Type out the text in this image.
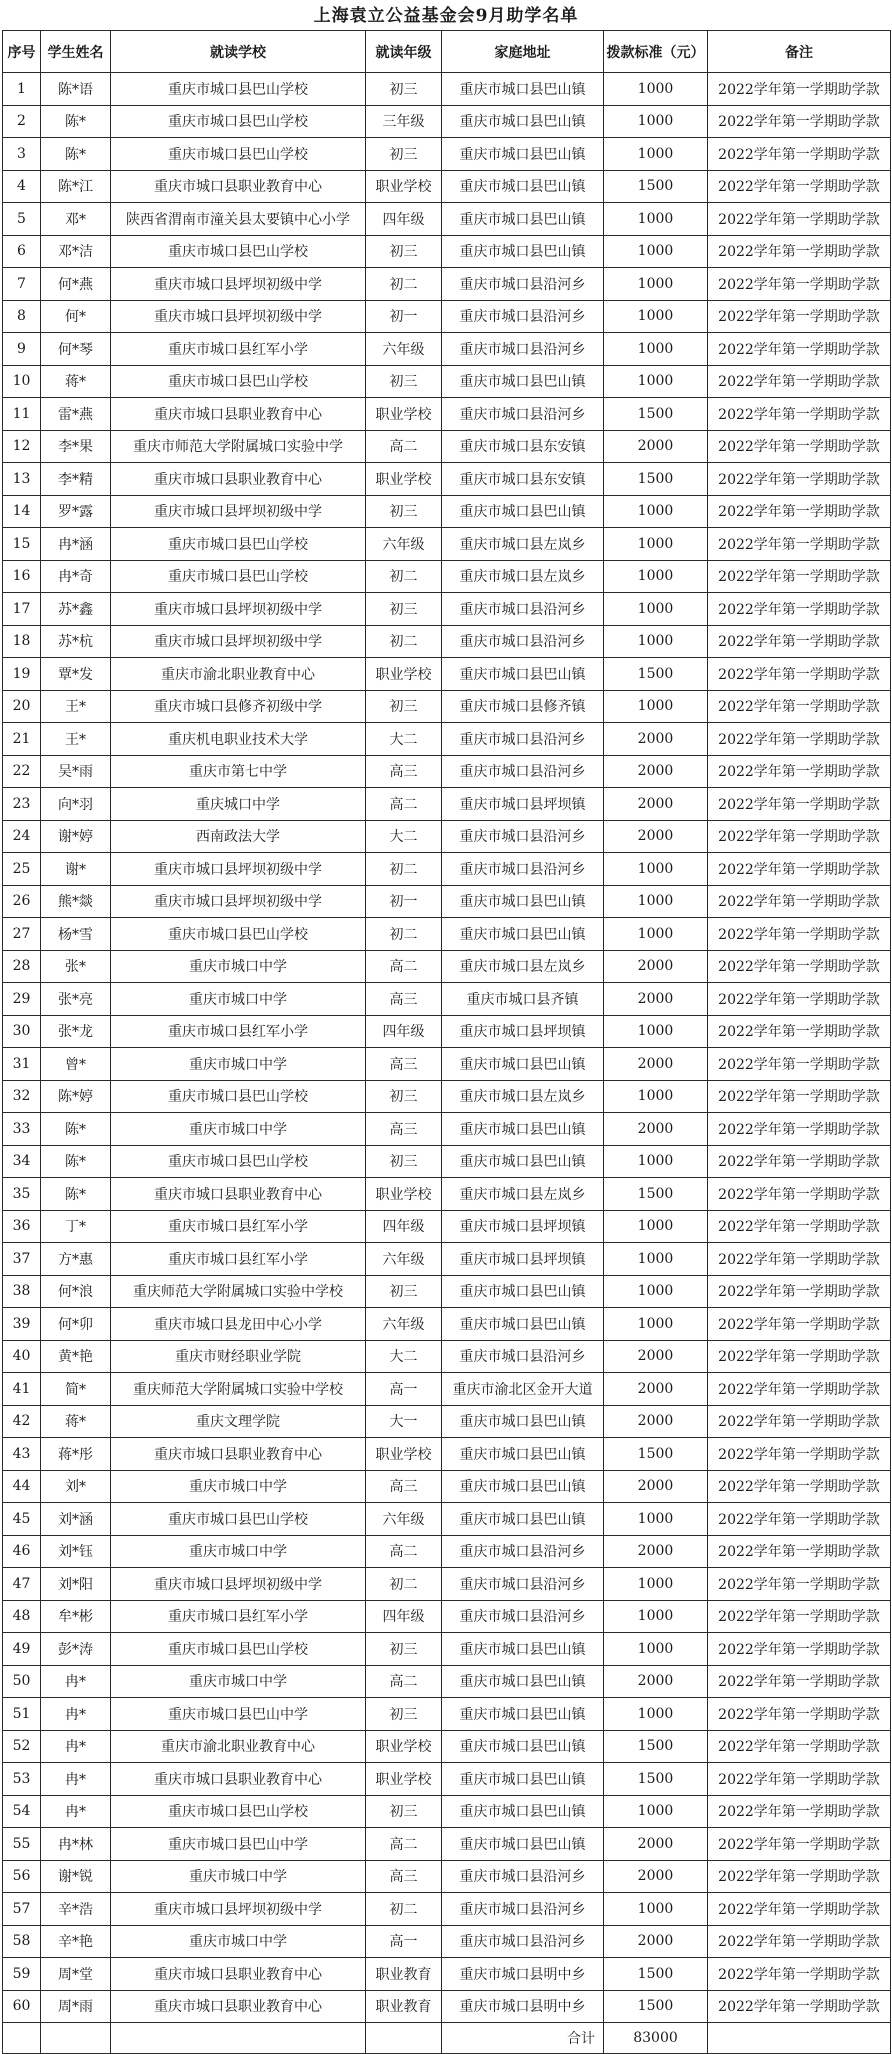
上海袁立公益基金会9月助学名单
序号	学生姓名	就读学校	就读年级	家庭地址	拨款标准（元）	备注
1	陈*语	重庆市城口县巴山学校	初三	重庆市城口县巴山镇	1000	2022学年第一学期助学款
2	陈*	重庆市城口县巴山学校	三年级	重庆市城口县巴山镇	1000	2022学年第一学期助学款
3	陈*	重庆市城口县巴山学校	初三	重庆市城口县巴山镇	1000	2022学年第一学期助学款
4	陈*江	重庆市城口县职业教育中心	职业学校	重庆市城口县巴山镇	1500	2022学年第一学期助学款
5	邓*	陕西省渭南市潼关县太要镇中心小学	四年级	重庆市城口县巴山镇	1000	2022学年第一学期助学款
6	邓*洁	重庆市城口县巴山学校	初三	重庆市城口县巴山镇	1000	2022学年第一学期助学款
7	何*燕	重庆市城口县坪坝初级中学	初二	重庆市城口县沿河乡	1000	2022学年第一学期助学款
8	何*	重庆市城口县坪坝初级中学	初一	重庆市城口县沿河乡	1000	2022学年第一学期助学款
9	何*琴	重庆市城口县红军小学	六年级	重庆市城口县沿河乡	1000	2022学年第一学期助学款
10	蒋*	重庆市城口县巴山学校	初三	重庆市城口县巴山镇	1000	2022学年第一学期助学款
11	雷*燕	重庆市城口县职业教育中心	职业学校	重庆市城口县沿河乡	1500	2022学年第一学期助学款
12	李*果	重庆市师范大学附属城口实验中学	高二	重庆市城口县东安镇	2000	2022学年第一学期助学款
13	李*精	重庆市城口县职业教育中心	职业学校	重庆市城口县东安镇	1500	2022学年第一学期助学款
14	罗*露	重庆市城口县坪坝初级中学	初三	重庆市城口县巴山镇	1000	2022学年第一学期助学款
15	冉*涵	重庆市城口县巴山学校	六年级	重庆市城口县左岚乡	1000	2022学年第一学期助学款
16	冉*奇	重庆市城口县巴山学校	初二	重庆市城口县左岚乡	1000	2022学年第一学期助学款
17	苏*鑫	重庆市城口县坪坝初级中学	初三	重庆市城口县沿河乡	1000	2022学年第一学期助学款
18	苏*杭	重庆市城口县坪坝初级中学	初二	重庆市城口县沿河乡	1000	2022学年第一学期助学款
19	覃*发	重庆市渝北职业教育中心	职业学校	重庆市城口县巴山镇	1500	2022学年第一学期助学款
20	王*	重庆市城口县修齐初级中学	初三	重庆市城口县修齐镇	1000	2022学年第一学期助学款
21	王*	重庆机电职业技术大学	大二	重庆市城口县沿河乡	2000	2022学年第一学期助学款
22	吴*雨	重庆市第七中学	高三	重庆市城口县沿河乡	2000	2022学年第一学期助学款
23	向*羽	重庆城口中学	高二	重庆市城口县坪坝镇	2000	2022学年第一学期助学款
24	谢*婷	西南政法大学	大二	重庆市城口县沿河乡	2000	2022学年第一学期助学款
25	谢*	重庆市城口县坪坝初级中学	初二	重庆市城口县沿河乡	1000	2022学年第一学期助学款
26	熊*燚	重庆市城口县坪坝初级中学	初一	重庆市城口县巴山镇	1000	2022学年第一学期助学款
27	杨*雪	重庆市城口县巴山学校	初二	重庆市城口县巴山镇	1000	2022学年第一学期助学款
28	张*	重庆市城口中学	高二	重庆市城口县左岚乡	2000	2022学年第一学期助学款
29	张*亮	重庆市城口中学	高三	重庆市城口县齐镇	2000	2022学年第一学期助学款
30	张*龙	重庆市城口县红军小学	四年级	重庆市城口县坪坝镇	1000	2022学年第一学期助学款
31	曾*	重庆市城口中学	高三	重庆市城口县巴山镇	2000	2022学年第一学期助学款
32	陈*婷	重庆市城口县巴山学校	初三	重庆市城口县左岚乡	1000	2022学年第一学期助学款
33	陈*	重庆市城口中学	高三	重庆市城口县巴山镇	2000	2022学年第一学期助学款
34	陈*	重庆市城口县巴山学校	初三	重庆市城口县巴山镇	1000	2022学年第一学期助学款
35	陈*	重庆市城口县职业教育中心	职业学校	重庆市城口县左岚乡	1500	2022学年第一学期助学款
36	丁*	重庆市城口县红军小学	四年级	重庆市城口县坪坝镇	1000	2022学年第一学期助学款
37	方*惠	重庆市城口县红军小学	六年级	重庆市城口县坪坝镇	1000	2022学年第一学期助学款
38	何*浪	重庆师范大学附属城口实验中学校	初三	重庆市城口县巴山镇	1000	2022学年第一学期助学款
39	何*卯	重庆市城口县龙田中心小学	六年级	重庆市城口县巴山镇	1000	2022学年第一学期助学款
40	黄*艳	重庆市财经职业学院	大二	重庆市城口县沿河乡	2000	2022学年第一学期助学款
41	简*	重庆师范大学附属城口实验中学校	高一	重庆市渝北区金开大道	2000	2022学年第一学期助学款
42	蒋*	重庆文理学院	大一	重庆市城口县巴山镇	2000	2022学年第一学期助学款
43	蒋*彤	重庆市城口县职业教育中心	职业学校	重庆市城口县巴山镇	1500	2022学年第一学期助学款
44	刘*	重庆市城口中学	高三	重庆市城口县巴山镇	2000	2022学年第一学期助学款
45	刘*涵	重庆市城口县巴山学校	六年级	重庆市城口县巴山镇	1000	2022学年第一学期助学款
46	刘*钰	重庆市城口中学	高二	重庆市城口县沿河乡	2000	2022学年第一学期助学款
47	刘*阳	重庆市城口县坪坝初级中学	初二	重庆市城口县沿河乡	1000	2022学年第一学期助学款
48	牟*彬	重庆市城口县红军小学	四年级	重庆市城口县沿河乡	1000	2022学年第一学期助学款
49	彭*涛	重庆市城口县巴山学校	初三	重庆市城口县巴山镇	1000	2022学年第一学期助学款
50	冉*	重庆市城口中学	高二	重庆市城口县巴山镇	2000	2022学年第一学期助学款
51	冉*	重庆市城口县巴山中学	初三	重庆市城口县巴山镇	1000	2022学年第一学期助学款
52	冉*	重庆市渝北职业教育中心	职业学校	重庆市城口县巴山镇	1500	2022学年第一学期助学款
53	冉*	重庆市城口县职业教育中心	职业学校	重庆市城口县巴山镇	1500	2022学年第一学期助学款
54	冉*	重庆市城口县巴山学校	初三	重庆市城口县巴山镇	1000	2022学年第一学期助学款
55	冉*林	重庆市城口县巴山中学	高二	重庆市城口县巴山镇	2000	2022学年第一学期助学款
56	谢*锐	重庆市城口中学	高三	重庆市城口县沿河乡	2000	2022学年第一学期助学款
57	辛*浩	重庆市城口县坪坝初级中学	初二	重庆市城口县沿河乡	1000	2022学年第一学期助学款
58	辛*艳	重庆市城口中学	高一	重庆市城口县沿河乡	2000	2022学年第一学期助学款
59	周*堂	重庆市城口县职业教育中心	职业教育	重庆市城口县明中乡	1500	2022学年第一学期助学款
60	周*雨	重庆市城口县职业教育中心	职业教育	重庆市城口县明中乡	1500	2022学年第一学期助学款
				合计	83000	
